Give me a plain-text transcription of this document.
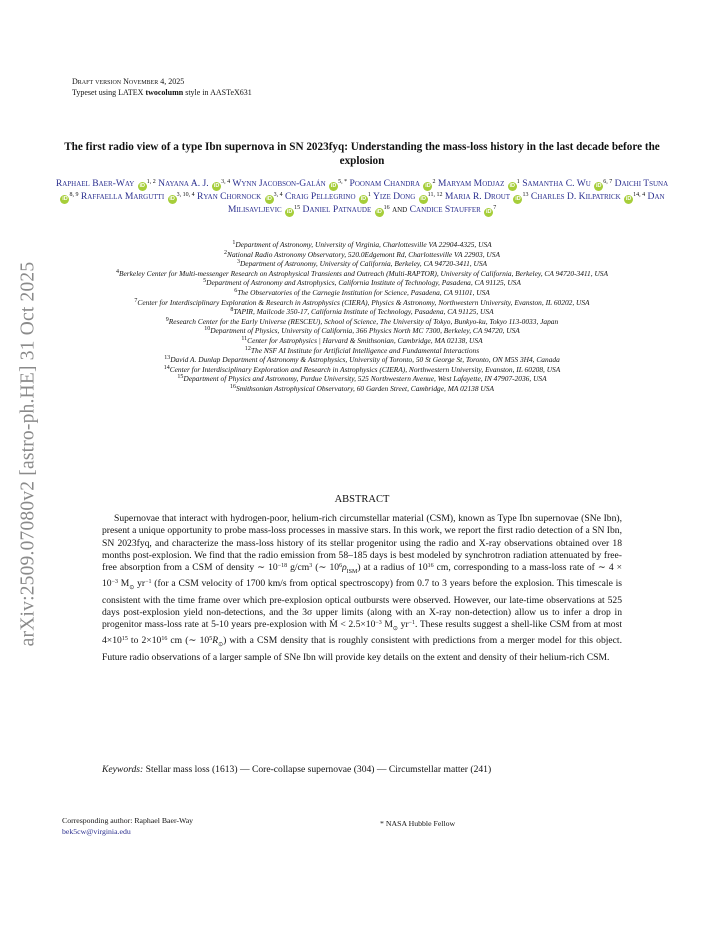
arXiv:2509.07080v2 [astro-ph.HE] 31 Oct 2025
Draft version November 4, 2025
Typeset using LATEX twocolumn style in AASTeX631
The first radio view of a type Ibn supernova in SN 2023fyq: Understanding the mass-loss history in the last decade before the explosion
Raphael Baer-Way iD$^{1, 2}$ Nayana A. J. iD$^{3, 4}$ Wynn Jacobson-Galán $iD^{5, *}$ Poonam Chandra $iD^2$ Maryam Modjaz $iD^1$ Samantha C. Wu iD$^{6, 7}$ Daichi Tsuna iD$^{8, 9}$ Raffaella Margutti iD$^{3, 10, 4}$ Ryan Chornock iD$^{3, 4}$ Craig Pellegrino $iD^1$ Yize Dong iD$^{11, 12}$ Maria R. Drout $iD^{13}$ Charles D. Kilpatrick iD$^{14, 4}$ Dan Milisavljevic $iD^{15}$ Daniel Patnaude $iD^{16}$ and Candice Stauffer $iD^7$
$^1$Department of Astronomy, University of Virginia, Charlottesville VA 22904-4325, USA
$^2$National Radio Astronomy Observatory, 520.0Edgemont Rd, Charlottesville VA 22903, USA
$^3$Department of Astronomy, University of California, Berkeley, CA 94720-3411, USA
$^4$Berkeley Center for Multi-messenger Research on Astrophysical Transients and Outreach (Multi-RAPTOR), University of California, Berkeley, CA 94720-3411, USA
$^5$Department of Astronomy and Astrophysics, California Institute of Technology, Pasadena, CA 91125, USA
$^6$The Observatories of the Carnegie Institution for Science, Pasadena, CA 91101, USA
$^7$Center for Interdisciplinary Exploration & Research in Astrophysics (CIERA), Physics & Astronomy, Northwestern University, Evanston, IL 60202, USA
$^8$TAPIR, Mailcode 350-17, California Institute of Technology, Pasadena, CA 91125, USA
$^9$Research Center for the Early Universe (RESCEU), School of Science, The University of Tokyo, Bunkyo-ku, Tokyo 113-0033, Japan
$^{10}$Department of Physics, University of California, 366 Physics North MC 7300, Berkeley, CA 94720, USA
$^{11}$Center for Astrophysics | Harvard & Smithsonian, Cambridge, MA 02138, USA
$^{12}$The NSF AI Institute for Artificial Intelligence and Fundamental Interactions
$^{13}$David A. Dunlap Department of Astronomy & Astrophysics, University of Toronto, 50 St George St, Toronto, ON M5S 3H4, Canada
$^{14}$Center for Interdisciplinary Exploration and Research in Astrophysics (CIERA), Northwestern University, Evanston, IL 60208, USA
$^{15}$Department of Physics and Astronomy, Purdue University, 525 Northwestern Avenue, West Lafayette, IN 47907-2036, USA
$^{16}$Smithsonian Astrophysical Observatory, 60 Garden Street, Cambridge, MA 02138 USA
ABSTRACT
Supernovae that interact with hydrogen-poor, helium-rich circumstellar material (CSM), known as Type Ibn supernovae (SNe Ibn), present a unique opportunity to probe mass-loss processes in massive stars. In this work, we report the first radio detection of a SN Ibn, SN 2023fyq, and characterize the mass-loss history of its stellar progenitor using the radio and X-ray observations obtained over 18 months post-explosion. We find that the radio emission from 58–185 days is best modeled by synchrotron radiation attenuated by free-free absorption from a CSM of density ∼ $10^{-18}$ $g/cm^3$ (∼ $10^6\rho_{ISM}$) at a radius of $10^{16}$ cm, corresponding to a mass-loss rate of ∼ $4 \times 10^{-3}$ $M_⊙$ $yr^{-1}$ (for a CSM velocity of 1700 km/s from optical spectroscopy) from 0.7 to 3 years before the explosion. This timescale is consistent with the time frame over which pre-explosion optical outbursts were observed. However, our late-time observations at 525 days post-explosion yield non-detections, and the 3σ upper limits (along with an X-ray non-detection) allow us to infer a drop in progenitor mass-loss rate at 5-10 years pre-explosion with Ṁ < $2.5\times 10^{-3}$ $M_⊙$ $yr^{-1}$. These results suggest a shell-like CSM from at most $4\times 10^{15}$ to $2\times 10^{16}$ cm (∼ $10^5R_⊙$) with a CSM density that is roughly consistent with predictions from a merger model for this object. Future radio observations of a larger sample of SNe Ibn will provide key details on the extent and density of their helium-rich CSM.
Keywords: Stellar mass loss (1613) — Core-collapse supernovae (304) — Circumstellar matter (241)
Corresponding author: Raphael Baer-Way
bek5cw@virginia.edu
* NASA Hubble Fellow
